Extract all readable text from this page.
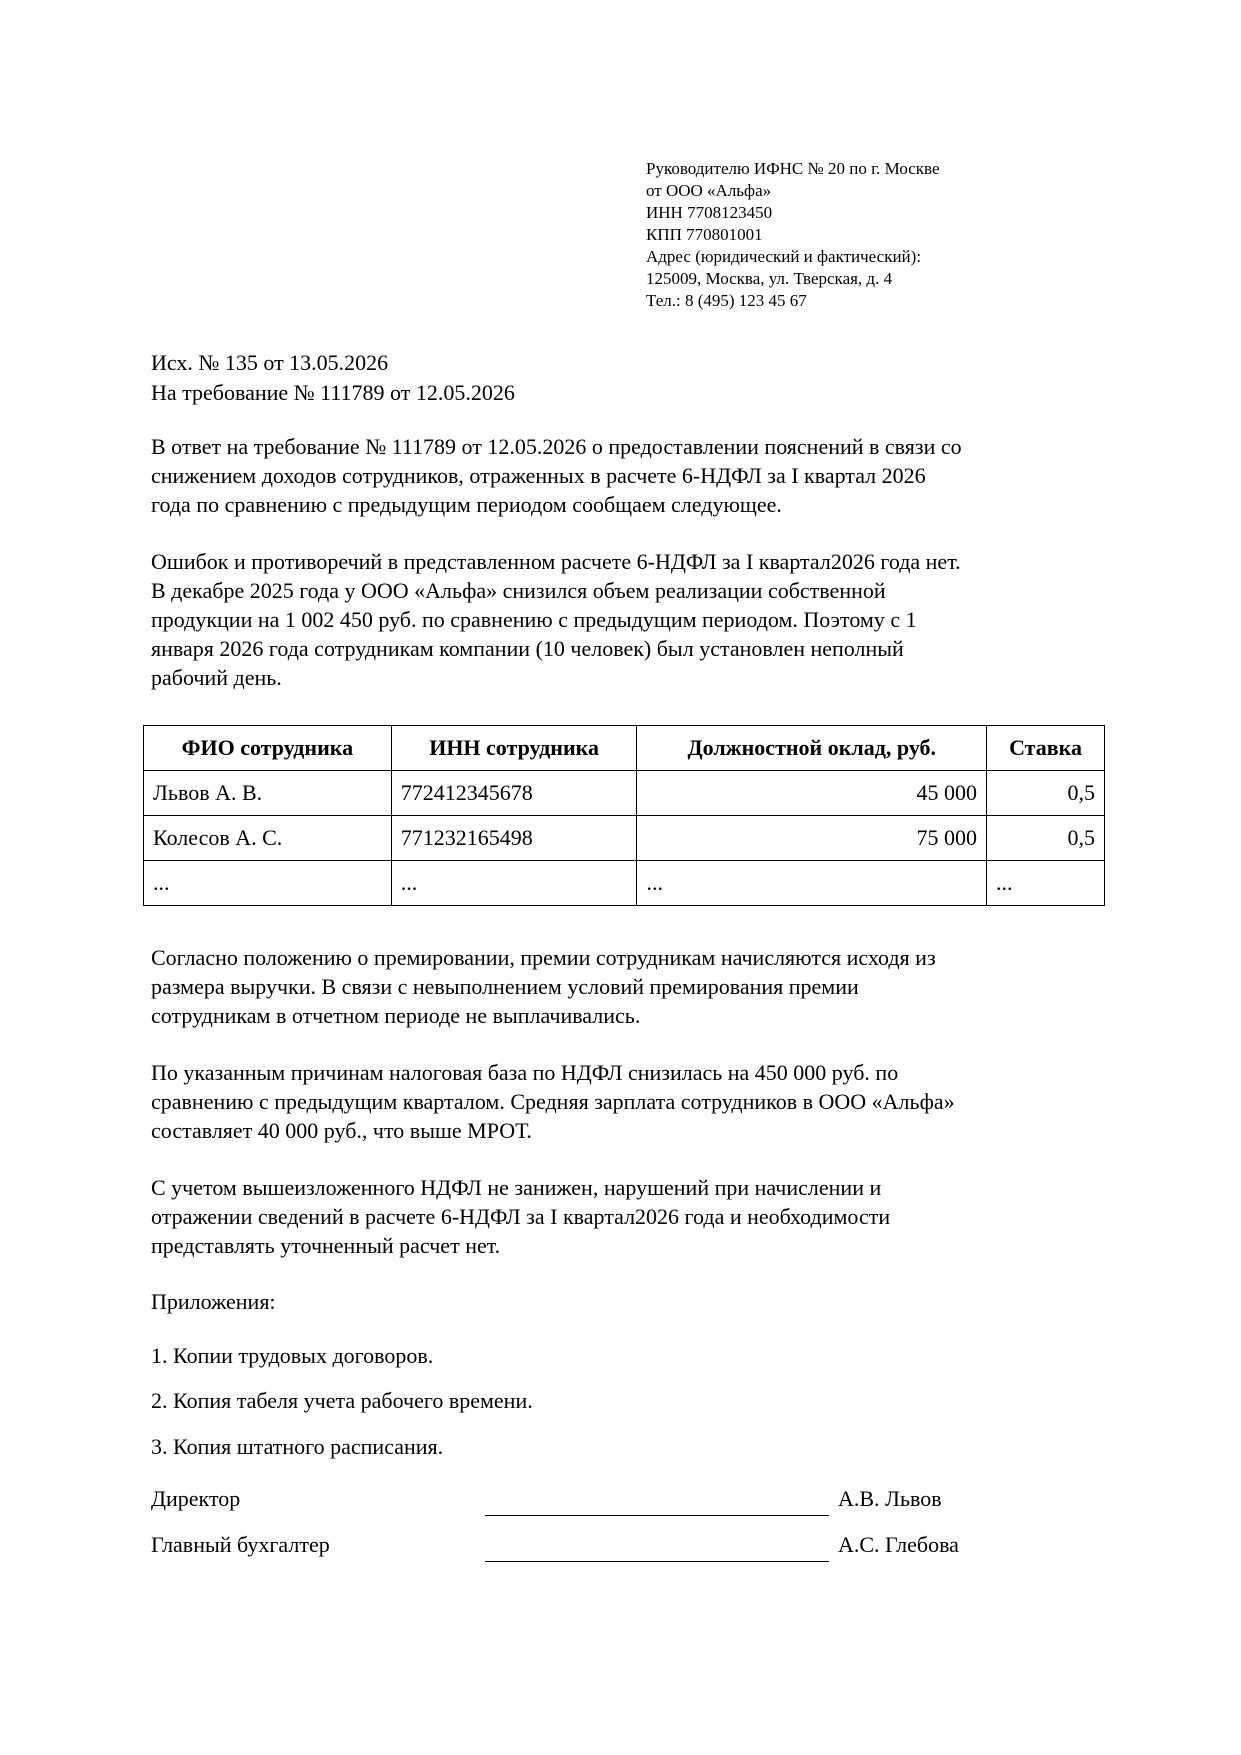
Руководителю ИФНС № 20 по г. Москве
от ООО «Альфа»
ИНН 7708123450
КПП 770801001
Адрес (юридический и фактический):
125009, Москва, ул. Тверская, д. 4
Тел.: 8 (495) 123 45 67
Исх. № 135 от 13.05.2026
На требование № 111789 от 12.05.2026
В ответ на требование № 111789 от 12.05.2026 о предоставлении пояснений в связи со
снижением доходов сотрудников, отраженных в расчете 6-НДФЛ за I квартал 2026
года по сравнению с предыдущим периодом сообщаем следующее.
Ошибок и противоречий в представленном расчете 6-НДФЛ за I квартал2026 года нет.
В декабре 2025 года у ООО «Альфа» снизился объем реализации собственной
продукции на 1 002 450 руб. по сравнению с предыдущим периодом. Поэтому с 1
января 2026 года сотрудникам компании (10 человек) был установлен неполный
рабочий день.
ФИО сотрудника	ИНН сотрудника	Должностной оклад, руб.	Ставка
Львов А. В.	772412345678	45 000	0,5
Колесов А. С.	771232165498	75 000	0,5
...	...	...	...
Согласно положению о премировании, премии сотрудникам начисляются исходя из
размера выручки. В связи с невыполнением условий премирования премии
сотрудникам в отчетном периоде не выплачивались.
По указанным причинам налоговая база по НДФЛ снизилась на 450 000 руб. по
сравнению с предыдущим кварталом. Средняя зарплата сотрудников в ООО «Альфа»
составляет 40 000 руб., что выше МРОТ.
С учетом вышеизложенного НДФЛ не занижен, нарушений при начислении и
отражении сведений в расчете 6-НДФЛ за I квартал2026 года и необходимости
представлять уточненный расчет нет.
Приложения:
1. Копии трудовых договоров.
2. Копия табеля учета рабочего времени.
3. Копия штатного расписания.
Директор	А.В. Львов
Главный бухгалтер	А.С. Глебова
